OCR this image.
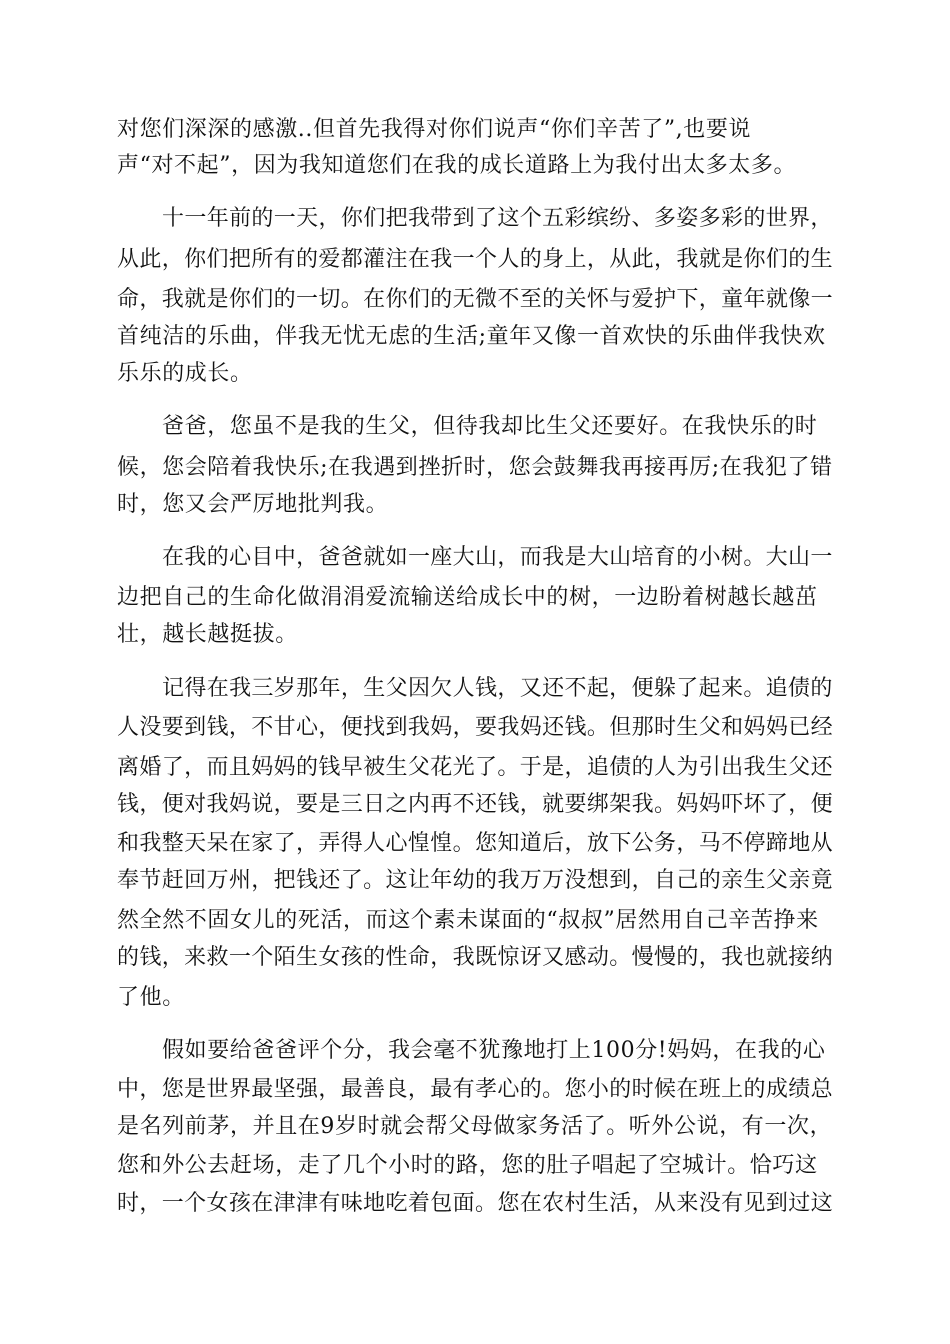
对您们深深的感激..但首先我得对你们说声“你们辛苦了”,也要说
声“对不起”，因为我知道您们在我的成长道路上为我付出太多太多。
十一年前的一天，你们把我带到了这个五彩缤纷、多姿多彩的世界，
从此，你们把所有的爱都灌注在我一个人的身上，从此，我就是你们的生
命，我就是你们的一切。在你们的无微不至的关怀与爱护下，童年就像一
首纯洁的乐曲，伴我无忧无虑的生活;童年又像一首欢快的乐曲伴我快欢
乐乐的成长。
爸爸，您虽不是我的生父，但待我却比生父还要好。在我快乐的时
候，您会陪着我快乐;在我遇到挫折时，您会鼓舞我再接再厉;在我犯了错
时，您又会严厉地批判我。
在我的心目中，爸爸就如一座大山，而我是大山培育的小树。大山一
边把自己的生命化做涓涓爱流输送给成长中的树，一边盼着树越长越茁
壮，越长越挺拔。
记得在我三岁那年，生父因欠人钱，又还不起，便躲了起来。追债的
人没要到钱，不甘心，便找到我妈，要我妈还钱。但那时生父和妈妈已经
离婚了，而且妈妈的钱早被生父花光了。于是，追债的人为引出我生父还
钱，便对我妈说，要是三日之内再不还钱，就要绑架我。妈妈吓坏了，便
和我整天呆在家了，弄得人心惶惶。您知道后，放下公务，马不停蹄地从
奉节赶回万州，把钱还了。这让年幼的我万万没想到，自己的亲生父亲竟
然全然不固女儿的死活，而这个素未谋面的“叔叔”居然用自己辛苦挣来
的钱，来救一个陌生女孩的性命，我既惊讶又感动。慢慢的，我也就接纳
了他。
假如要给爸爸评个分，我会毫不犹豫地打上100分!妈妈，在我的心
中，您是世界最坚强，最善良，最有孝心的。您小的时候在班上的成绩总
是名列前茅，并且在9岁时就会帮父母做家务活了。听外公说，有一次，
您和外公去赶场，走了几个小时的路，您的肚子唱起了空城计。恰巧这
时，一个女孩在津津有味地吃着包面。您在农村生活，从来没有见到过这
